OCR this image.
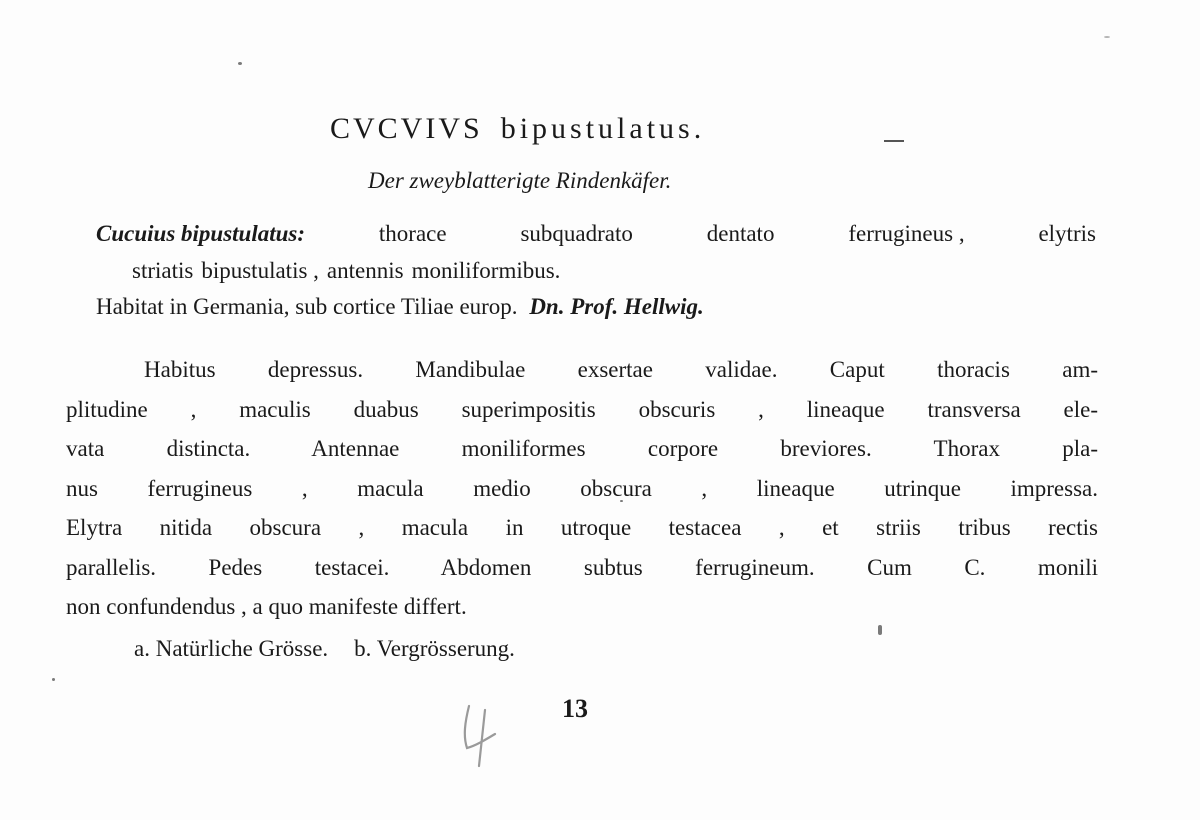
CVCVIVS bipustulatus.
Der zweyblatterigte Rindenkäfer.
Cucuius bipustulatus:	thorace	subquadrato	dentato	ferrugineus ,	elytris
striatis bipustulatis , antennis moniliformibus.
Habitat in Germania, sub cortice Tiliae europ. Dn. Prof. Hellwig.
Habitus depressus. Mandibulae exsertae validae. Caput thoracis am-
plitudine , maculis duabus superimpositis obscuris , lineaque transversa ele-
vata distincta. Antennae moniliformes corpore breviores. Thorax pla-
nus ferrugineus , macula medio obscura , lineaque utrinque impressa.
Elytra nitida obscura , macula in utroque testacea , et striis tribus rectis
parallelis. Pedes testacei. Abdomen subtus ferrugineum. Cum C. monili
non confundendus , a quo manifeste differt.
a. Natürliche Grösse. b. Vergrösserung.
13
